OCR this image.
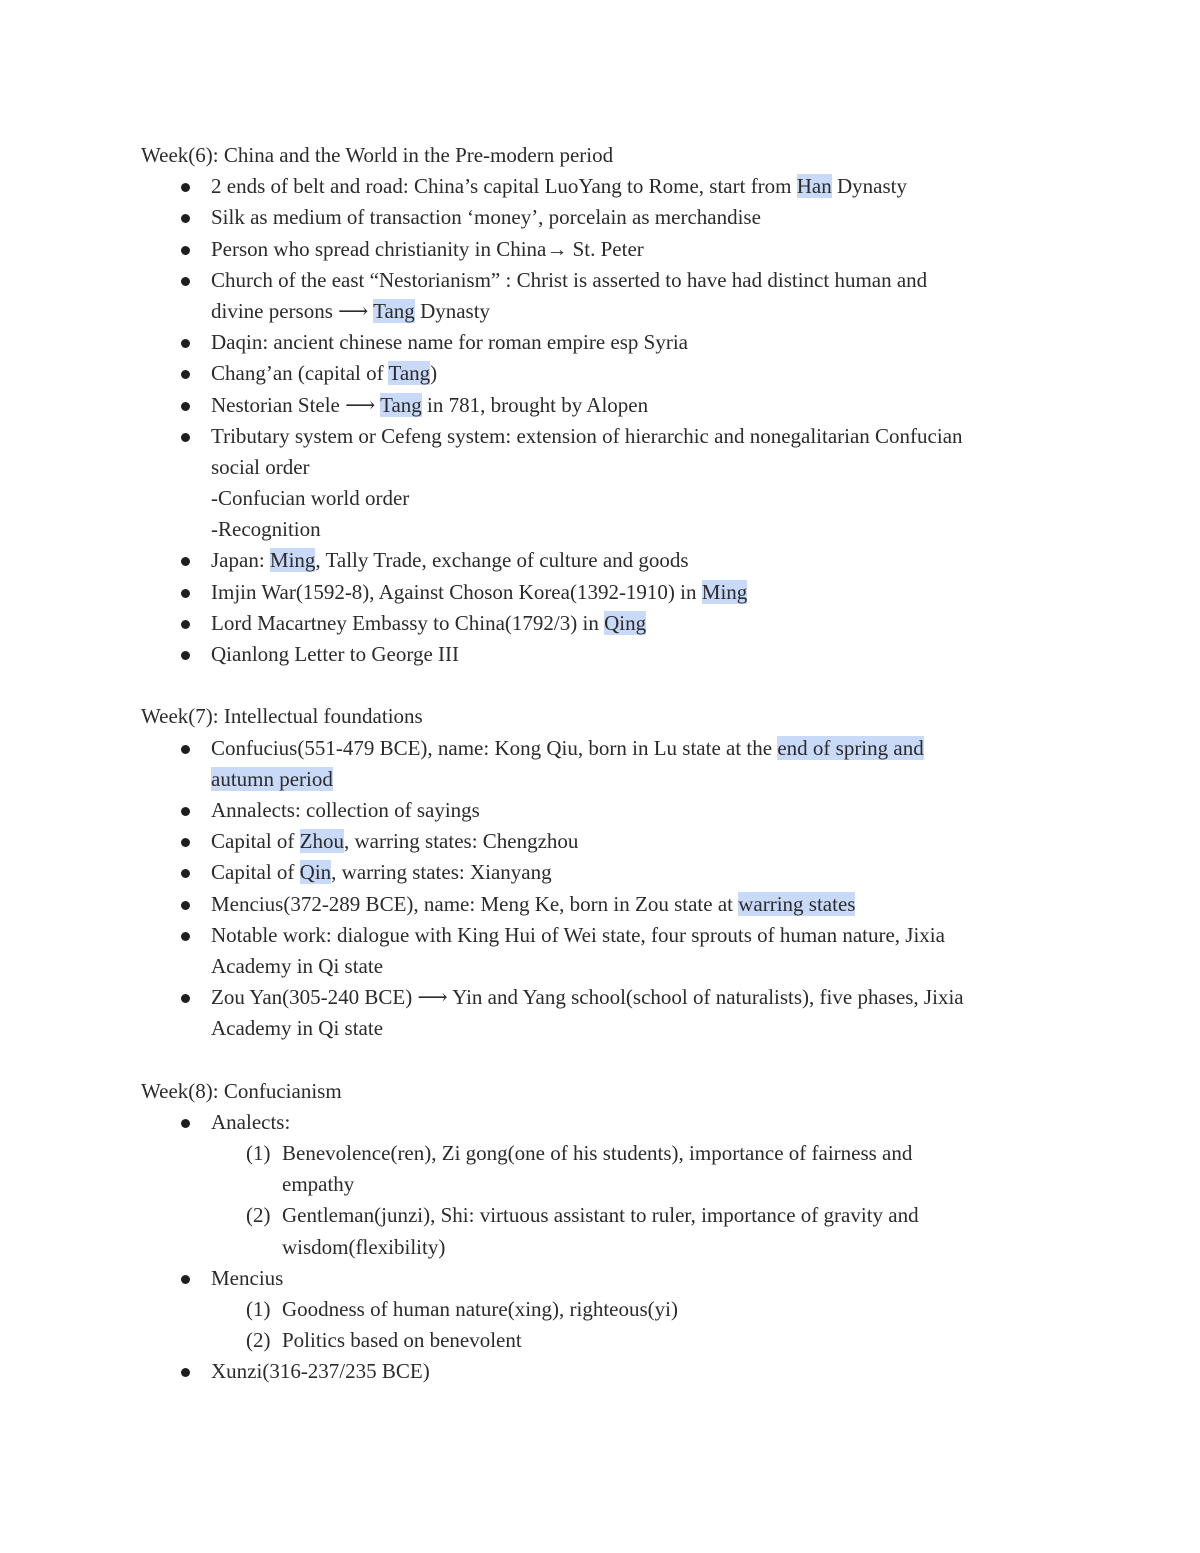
Week(6): China and the World in the Pre-modern period
2 ends of belt and road: China’s capital LuoYang to Rome, start from Han Dynasty
Silk as medium of transaction ‘money’, porcelain as merchandise
Person who spread christianity in China→ St. Peter
Church of the east “Nestorianism” : Christ is asserted to have had distinct human and
divine persons ⟶ Tang Dynasty
Daqin: ancient chinese name for roman empire esp Syria
Chang’an (capital of Tang)
Nestorian Stele ⟶ Tang in 781, brought by Alopen
Tributary system or Cefeng system: extension of hierarchic and nonegalitarian Confucian
social order
-Confucian world order
-Recognition
Japan: Ming, Tally Trade, exchange of culture and goods
Imjin War(1592-8), Against Choson Korea(1392-1910) in Ming
Lord Macartney Embassy to China(1792/3) in Qing
Qianlong Letter to George III
Week(7): Intellectual foundations
Confucius(551-479 BCE), name: Kong Qiu, born in Lu state at the end of spring and
autumn period
Annalects: collection of sayings
Capital of Zhou, warring states: Chengzhou
Capital of Qin, warring states: Xianyang
Mencius(372-289 BCE), name: Meng Ke, born in Zou state at warring states
Notable work: dialogue with King Hui of Wei state, four sprouts of human nature, Jixia
Academy in Qi state
Zou Yan(305-240 BCE) ⟶ Yin and Yang school(school of naturalists), five phases, Jixia
Academy in Qi state
Week(8): Confucianism
Analects:
(1) Benevolence(ren), Zi gong(one of his students), importance of fairness and
empathy
(2) Gentleman(junzi), Shi: virtuous assistant to ruler, importance of gravity and
wisdom(flexibility)
Mencius
(1) Goodness of human nature(xing), righteous(yi)
(2) Politics based on benevolent
Xunzi(316-237/235 BCE)
